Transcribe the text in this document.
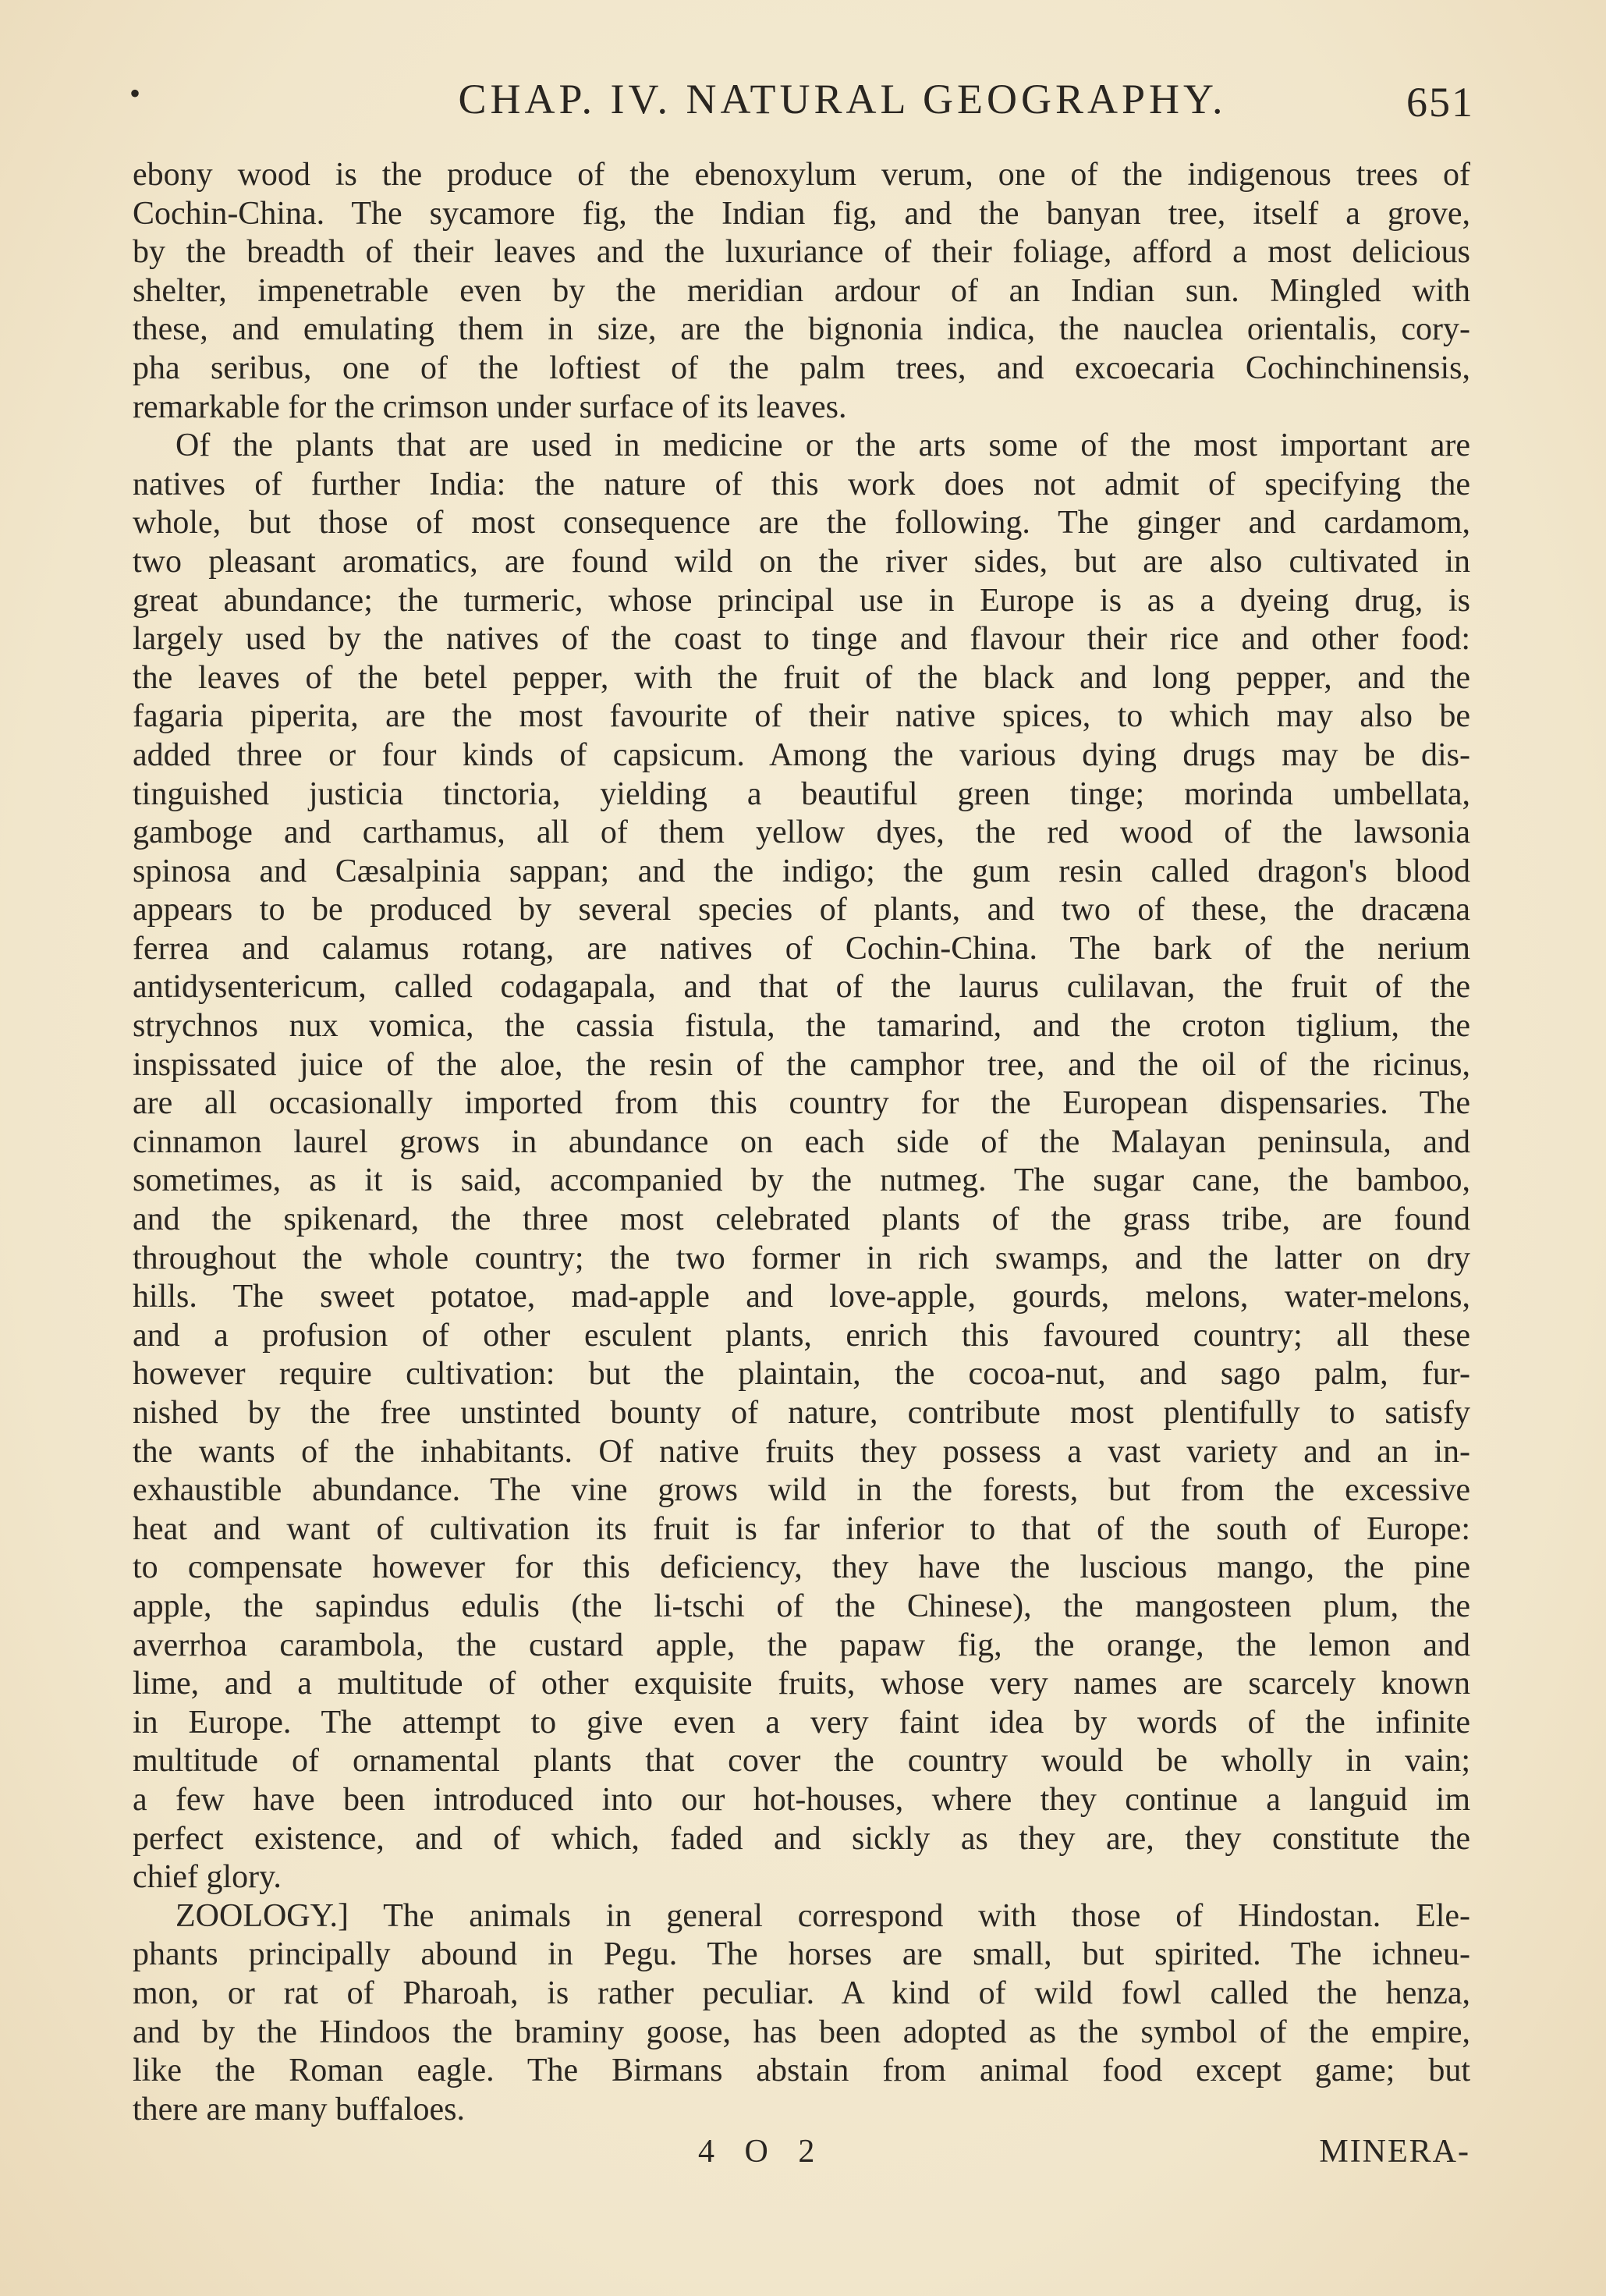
•	CHAP. IV. NATURAL GEOGRAPHY.	651
ebony wood is the produce of the ebenoxylum verum, one of the indigenous trees of
Cochin-China. The sycamore fig, the Indian fig, and the banyan tree, itself a grove,
by the breadth of their leaves and the luxuriance of their foliage, afford a most delicious
shelter, impenetrable even by the meridian ardour of an Indian sun. Mingled with
these, and emulating them in size, are the bignonia indica, the nauclea orientalis, cory-
pha seribus, one of the loftiest of the palm trees, and excoecaria Cochinchinensis,
remarkable for the crimson under surface of its leaves.
Of the plants that are used in medicine or the arts some of the most important are
natives of further India: the nature of this work does not admit of specifying the
whole, but those of most consequence are the following. The ginger and cardamom,
two pleasant aromatics, are found wild on the river sides, but are also cultivated in
great abundance; the turmeric, whose principal use in Europe is as a dyeing drug, is
largely used by the natives of the coast to tinge and flavour their rice and other food:
the leaves of the betel pepper, with the fruit of the black and long pepper, and the
fagaria piperita, are the most favourite of their native spices, to which may also be
added three or four kinds of capsicum. Among the various dying drugs may be dis-
tinguished justicia tinctoria, yielding a beautiful green tinge; morinda umbellata,
gamboge and carthamus, all of them yellow dyes, the red wood of the lawsonia
spinosa and Cæsalpinia sappan; and the indigo; the gum resin called dragon's blood
appears to be produced by several species of plants, and two of these, the dracæna
ferrea and calamus rotang, are natives of Cochin-China. The bark of the nerium
antidysentericum, called codagapala, and that of the laurus culilavan, the fruit of the
strychnos nux vomica, the cassia fistula, the tamarind, and the croton tiglium, the
inspissated juice of the aloe, the resin of the camphor tree, and the oil of the ricinus,
are all occasionally imported from this country for the European dispensaries. The
cinnamon laurel grows in abundance on each side of the Malayan peninsula, and
sometimes, as it is said, accompanied by the nutmeg. The sugar cane, the bamboo,
and the spikenard, the three most celebrated plants of the grass tribe, are found
throughout the whole country; the two former in rich swamps, and the latter on dry
hills. The sweet potatoe, mad-apple and love-apple, gourds, melons, water-melons,
and a profusion of other esculent plants, enrich this favoured country; all these
however require cultivation: but the plaintain, the cocoa-nut, and sago palm, fur-
nished by the free unstinted bounty of nature, contribute most plentifully to satisfy
the wants of the inhabitants. Of native fruits they possess a vast variety and an in-
exhaustible abundance. The vine grows wild in the forests, but from the excessive
heat and want of cultivation its fruit is far inferior to that of the south of Europe:
to compensate however for this deficiency, they have the luscious mango, the pine
apple, the sapindus edulis (the li-tschi of the Chinese), the mangosteen plum, the
averrhoa carambola, the custard apple, the papaw fig, the orange, the lemon and
lime, and a multitude of other exquisite fruits, whose very names are scarcely known
in Europe. The attempt to give even a very faint idea by words of the infinite
multitude of ornamental plants that cover the country would be wholly in vain;
a few have been introduced into our hot-houses, where they continue a languid im
perfect existence, and of which, faded and sickly as they are, they constitute the
chief glory.
ZOOLOGY.] The animals in general correspond with those of Hindostan. Ele-
phants principally abound in Pegu. The horses are small, but spirited. The ichneu-
mon, or rat of Pharoah, is rather peculiar. A kind of wild fowl called the henza,
and by the Hindoos the braminy goose, has been adopted as the symbol of the empire,
like the Roman eagle. The Birmans abstain from animal food except game; but
there are many buffaloes.
4 O 2	MINERA-
